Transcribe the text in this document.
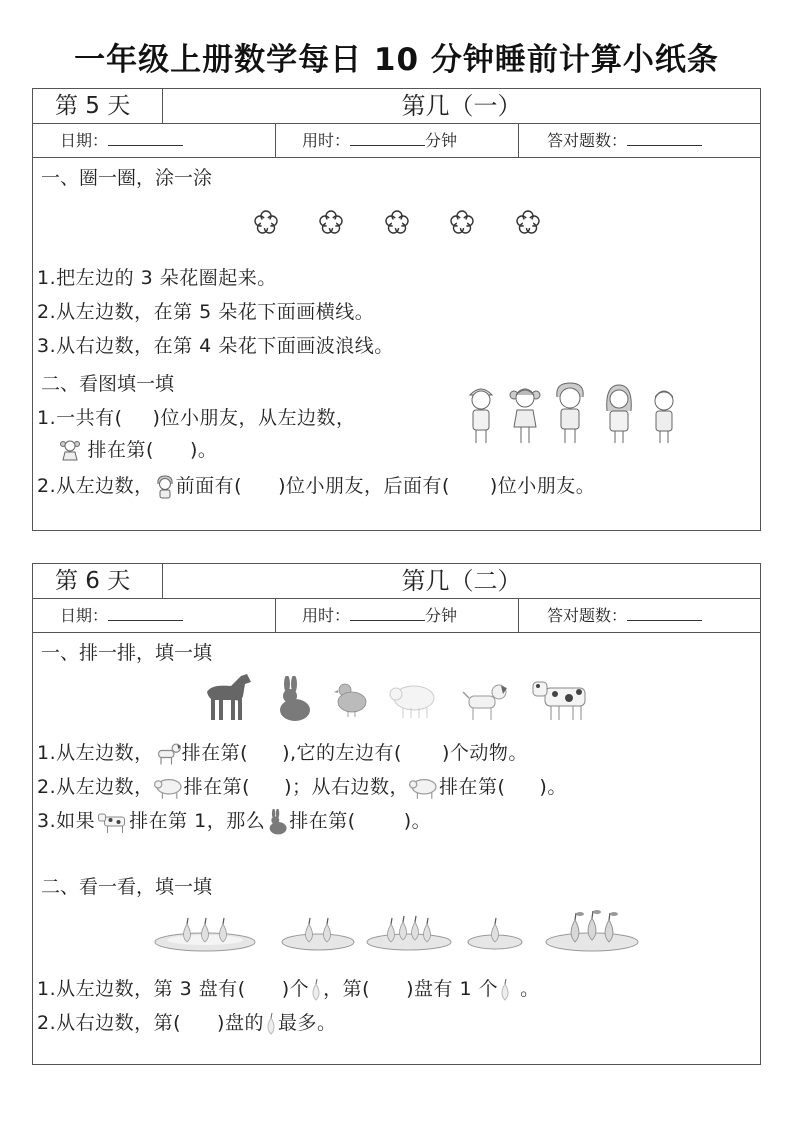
一年级上册数学每日 10 分钟睡前计算小纸条
第 5 天	第几（一）
日期：	用时：	分钟	答对题数：
一、圈一圈，涂一涂
1.把左边的 3 朵花圈起来。
2.从左边数，在第 5 朵花下面画横线。
3.从右边数，在第 4 朵花下面画波浪线。
二、看图填一填
1.一共有( )位小朋友，从左边数，
排在第( )。
2.从左边数， 前面有( )位小朋友，后面有( )位小朋友。
第 6 天	第几（二）
日期：	用时：	分钟	答对题数：
一、排一排，填一填
1.从左边数， 排在第( ),它的左边有( )个动物。
2.从左边数， 排在第( )；从右边数， 排在第( )。
3.如果 排在第 1，那么 排在第(	)。
二、看一看，填一填
1.从左边数，第 3 盘有( )个 ，第( )盘有 1 个 。
2.从右边数，第( )盘的 最多。
